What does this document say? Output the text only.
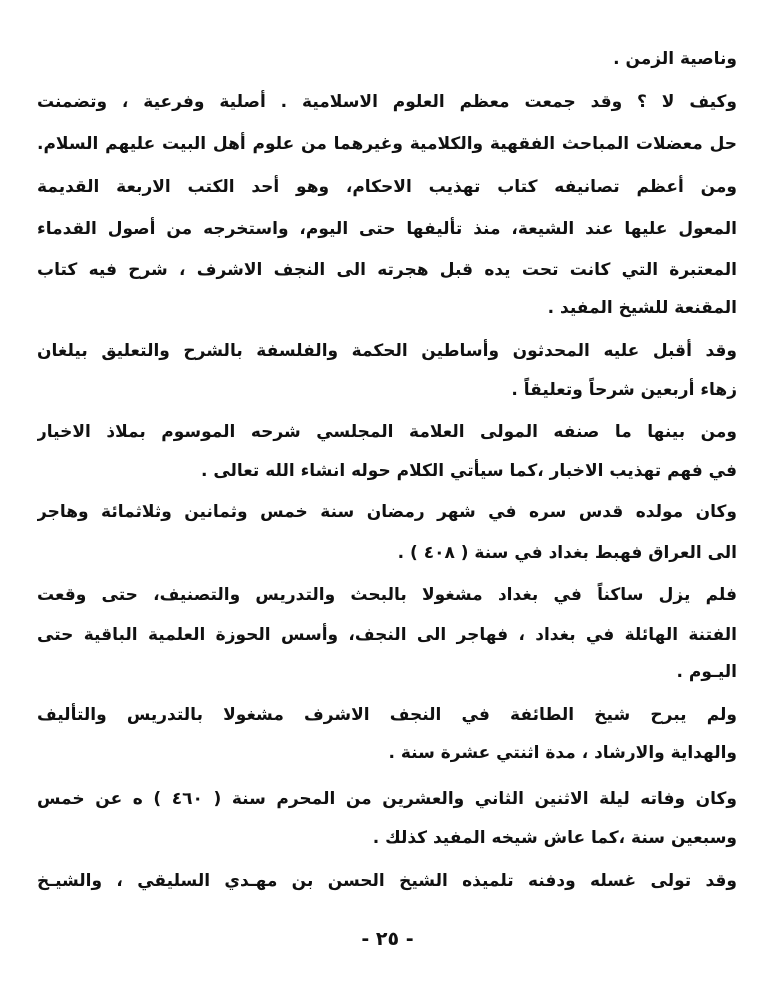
وناصية الزمن .
وكيف لا ؟ وقد جمعت معظم العلوم الاسلامية . أصلية وفرعية ، وتضمنت
حل معضلات المباحث الفقهية والكلامية وغيرهما من علوم أهل البيت عليهم السلام.
ومن أعظم تصانيفه كتاب تهذيب الاحكام، وهو أحد الكتب الاربعة القديمة
المعول عليها عند الشيعة، منذ تأليفها حتى اليوم، واستخرجه من أصول القدماء
المعتبرة التي كانت تحت يده قبل هجرته الى النجف الاشرف ، شرح فيه كتاب
المقنعة للشيخ المفيد .
وقد أقبل عليه المحدثون وأساطين الحكمة والفلسفة بالشرح والتعليق بيلغان
زهاء أربعين شرحاً وتعليقاً .
ومن بينها ما صنفه المولى العلامة المجلسي شرحه الموسوم بملاذ الاخيار
في فهم تهذيب الاخبار ،كما سيأتي الكلام حوله انشاء الله تعالى .
وكان مولده قدس سره في شهر رمضان سنة خمس وثمانين وثلاثمائة وهاجر
الى العراق فهبط بغداد في سنة ( ٤٠٨ ) .
فلم يزل ساكناً في بغداد مشغولا بالبحث والتدريس والتصنيف، حتى وقعت
الفتنة الهائلة في بغداد ، فهاجر الى النجف، وأسس الحوزة العلمية الباقية حتى
اليـوم .
ولم يبرح شيخ الطائفة في النجف الاشرف مشغولا بالتدريس والتأليف
والهداية والارشاد ، مدة اثنتي عشرة سنة .
وكان وفاته ليلة الاثنين الثاني والعشرين من المحرم سنة ( ٤٦٠ ) ه عن خمس
وسبعين سنة ،كما عاش شيخه المفيد كذلك .
وقد تولى غسله ودفنه تلميذه الشيخ الحسن بن مهـدي السليقي ، والشيـخ
- ٢٥ -
